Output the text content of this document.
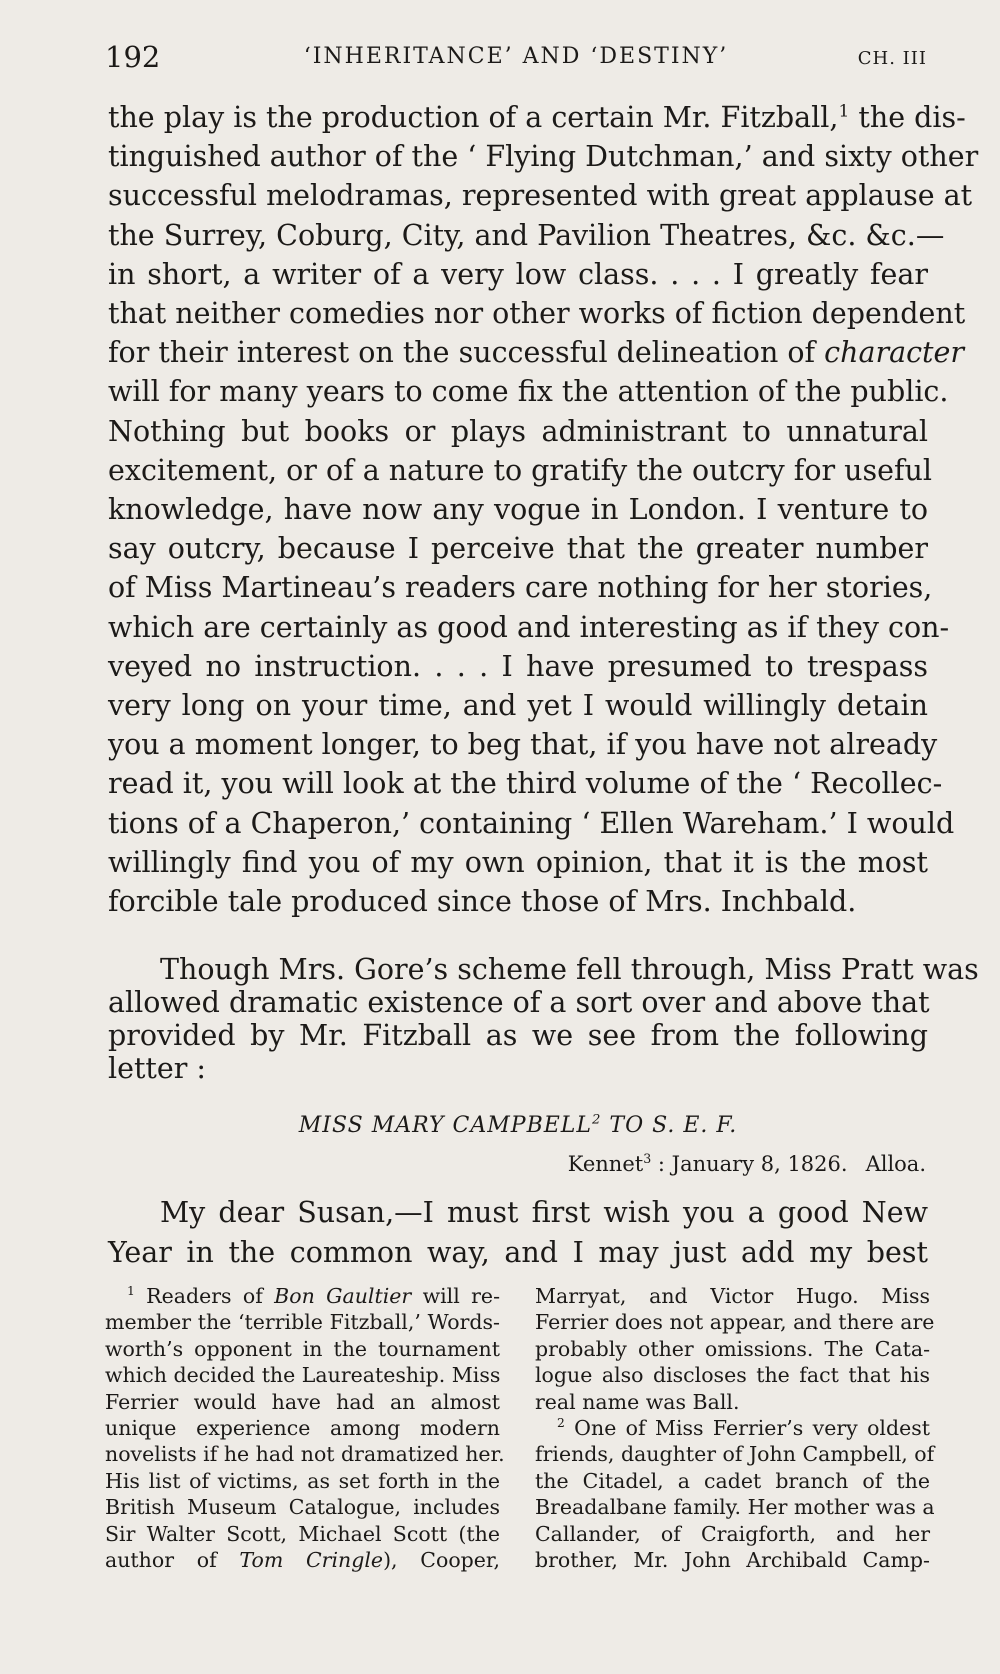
192	‘INHERITANCE’ AND ‘DESTINY’	CH. III
the play is the production of a certain Mr. Fitzball,$^1$ the dis-
tinguished author of the ‘ Flying Dutchman,’ and sixty other
successful melodramas, represented with great applause at
the Surrey, Coburg, City, and Pavilion Theatres, &c. &c.—
in short, a writer of a very low class. . . . I greatly fear
that neither comedies nor other works of fiction dependent
for their interest on the successful delineation of character
will for many years to come fix the attention of the public.
Nothing but books or plays administrant to unnatural
excitement, or of a nature to gratify the outcry for useful
knowledge, have now any vogue in London. I venture to
say outcry, because I perceive that the greater number
of Miss Martineau’s readers care nothing for her stories,
which are certainly as good and interesting as if they con-
veyed no instruction. . . . I have presumed to trespass
very long on your time, and yet I would willingly detain
you a moment longer, to beg that, if you have not already
read it, you will look at the third volume of the ‘ Recollec-
tions of a Chaperon,’ containing ‘ Ellen Wareham.’ I would
willingly find you of my own opinion, that it is the most
forcible tale produced since those of Mrs. Inchbald.
Though Mrs. Gore’s scheme fell through, Miss Pratt was
allowed dramatic existence of a sort over and above that
provided by Mr. Fitzball as we see from the following
letter :
MISS MARY CAMPBELL$^2$ TO S. E. F.
Kennet$^3$ : January 8, 1826. Alloa.
My dear Susan,—I must first wish you a good New
Year in the common way, and I may just add my best
$^1$ Readers of Bon Gaultier will re-
member the ‘terrible Fitzball,’ Words-
worth’s opponent in the tournament
which decided the Laureateship. Miss
Ferrier would have had an almost
unique experience among modern
novelists if he had not dramatized her.
His list of victims, as set forth in the
British Museum Catalogue, includes
Sir Walter Scott, Michael Scott (the
author of Tom Cringle), Cooper,
Marryat, and Victor Hugo. Miss
Ferrier does not appear, and there are
probably other omissions. The Cata-
logue also discloses the fact that his
real name was Ball.
$^2$ One of Miss Ferrier’s very oldest
friends, daughter of John Campbell, of
the Citadel, a cadet branch of the
Breadalbane family. Her mother was a
Callander, of Craigforth, and her
brother, Mr. John Archibald Camp-
